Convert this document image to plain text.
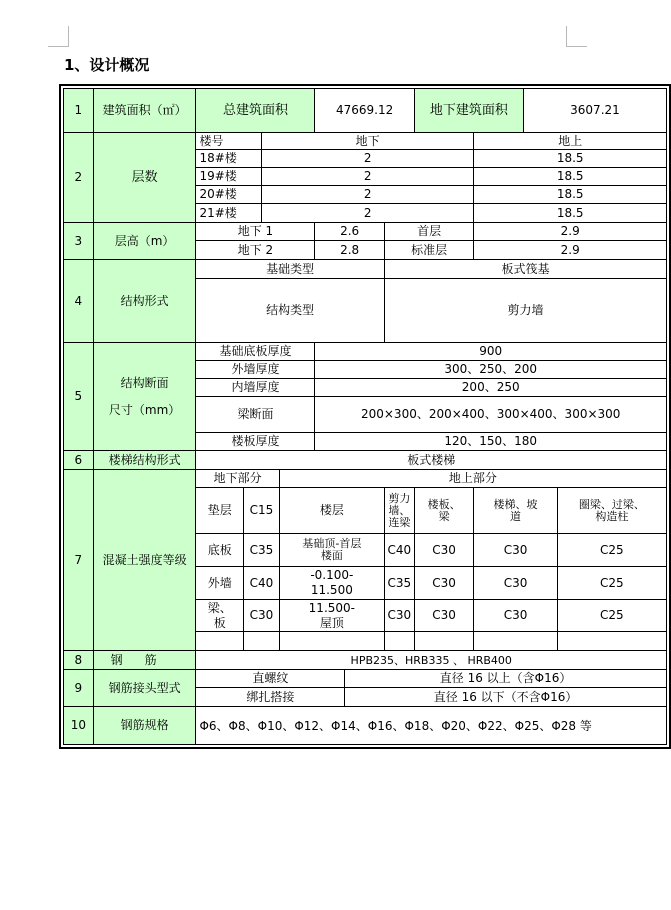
1、设计概况
1	建筑面积（㎡）	总建筑面积				47669.12			地下建筑面积		3607.21	
2	层数	楼号		地下						地上		
		18#楼		2						18.5		
		19#楼		2						18.5		
		20#楼		2						18.5		
		21#楼		2						18.5		
3	层高（m）	地下 1				2.6		首层		2.9		
		地下 2				2.8		标准层		2.9		
4	结构形式	基础类型						板式筏基				
		结构类型						剪力墙				
5	结构断面
尺寸（mm）	基础底板厚度				900						
		外墙厚度				300、250、200						
		内墙厚度				200、250						
		梁断面				200×300、200×400、300×400、300×300						
		楼板厚度				120、150、180						
6	楼梯结构形式	板式楼梯										
7	混凝土强度等级	地下部分			地上部分							
		垫层	C15		楼层			剪力墙、连梁	楼板、梁	楼梯、坡道		圈梁、过梁、构造柱

		底板	C35		基础顶-首层楼面			C40	C30	C30		C25
		外墙	C40		-0.100-11.500			C35	C30	C30		C25

		梁、板	C30		11.500-屋顶			C30	C30	C30		C25

8	钢筋	HPB235、HRB335 、 HRB400										
9	钢筋接头型式	直螺纹					直径 16 以上（含Φ16）					
		绑扎搭接					直径 16 以下（不含Φ16）					
10	钢筋规格	Φ6、Φ8、Φ10、Φ12、Φ14、Φ16、Φ18、Φ20、Φ22、Φ25、Φ28 等										
